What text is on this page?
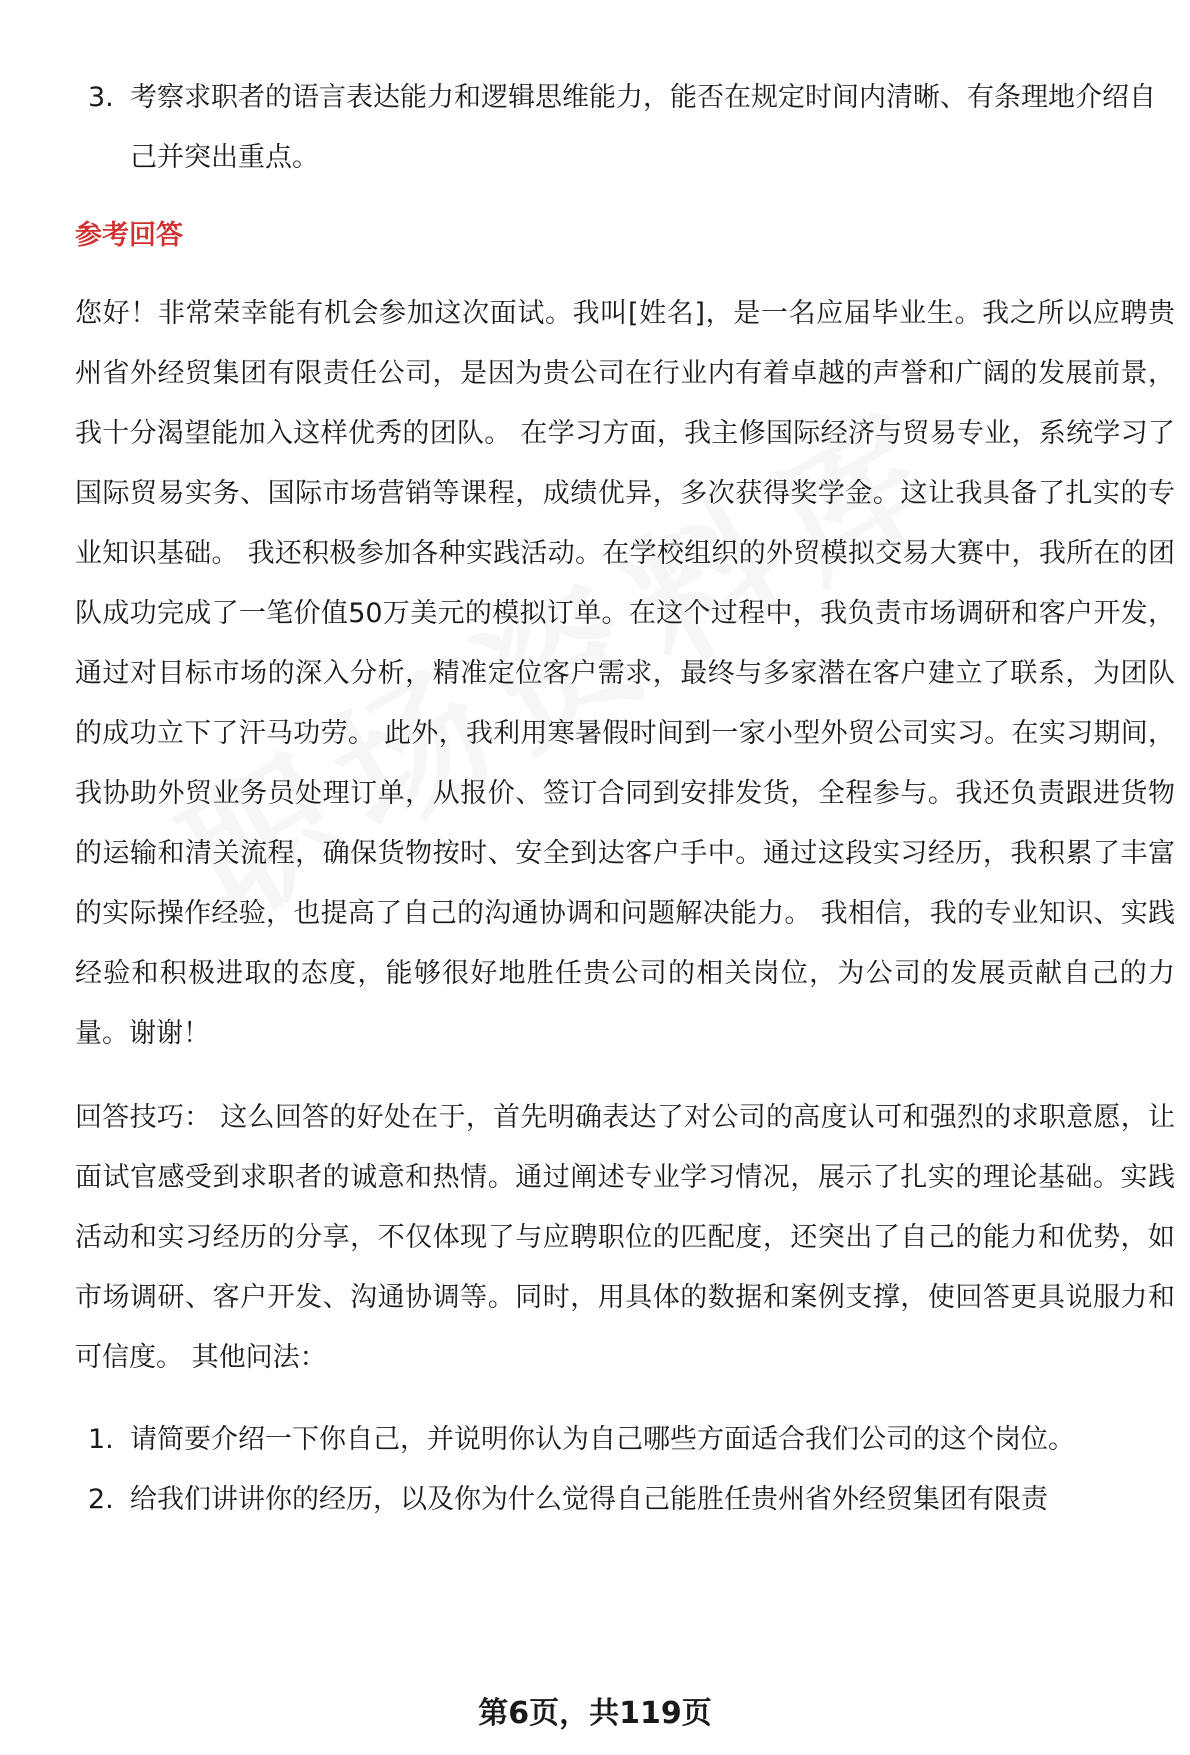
3. 考察求职者的语言表达能力和逻辑思维能力，能否在规定时间内清晰、有条理地介绍自己并突出重点。
参考回答

您好！非常荣幸能有机会参加这次面试。我叫[姓名]，是一名应届毕业生。我之所以应聘贵州省外经贸集团有限责任公司，是因为贵公司在行业内有着卓越的声誉和广阔的发展前景，我十分渴望能加入这样优秀的团队。 在学习方面，我主修国际经济与贸易专业，系统学习了国际贸易实务、国际市场营销等课程，成绩优异，多次获得奖学金。这让我具备了扎实的专业知识基础。 我还积极参加各种实践活动。在学校组织的外贸模拟交易大赛中，我所在的团队成功完成了一笔价值50万美元的模拟订单。在这个过程中，我负责市场调研和客户开发，通过对目标市场的深入分析，精准定位客户需求，最终与多家潜在客户建立了联系，为团队的成功立下了汗马功劳。 此外，我利用寒暑假时间到一家小型外贸公司实习。在实习期间，我协助外贸业务员处理订单，从报价、签订合同到安排发货，全程参与。我还负责跟进货物的运输和清关流程，确保货物按时、安全到达客户手中。通过这段实习经历，我积累了丰富的实际操作经验，也提高了自己的沟通协调和问题解决能力。 我相信，我的专业知识、实践经验和积极进取的态度，能够很好地胜任贵公司的相关岗位，为公司的发展贡献自己的力量。谢谢！

回答技巧： 这么回答的好处在于，首先明确表达了对公司的高度认可和强烈的求职意愿，让面试官感受到求职者的诚意和热情。通过阐述专业学习情况，展示了扎实的理论基础。实践活动和实习经历的分享，不仅体现了与应聘职位的匹配度，还突出了自己的能力和优势，如市场调研、客户开发、沟通协调等。同时，用具体的数据和案例支撑，使回答更具说服力和可信度。 其他问法：

1. 请简要介绍一下你自己，并说明你认为自己哪些方面适合我们公司的这个岗位。
2. 给我们讲讲你的经历，以及你为什么觉得自己能胜任贵州省外经贸集团有限责
第6页，共119页
